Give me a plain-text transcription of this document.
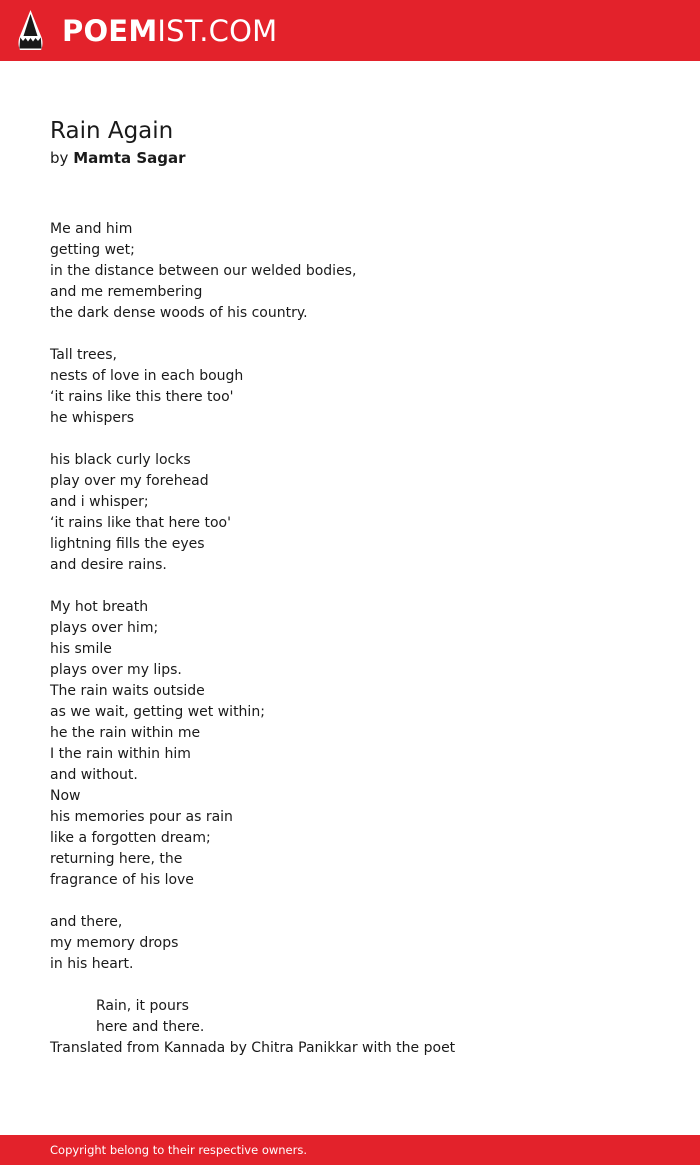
POEMIST.COM
Rain Again
by Mamta Sagar
Me and him
getting wet;
in the distance between our welded bodies,
and me remembering
the dark dense woods of his country.
Tall trees,
nests of love in each bough
‘it rains like this there too'
he whispers
his black curly locks
play over my forehead
and i whisper;
‘it rains like that here too'
lightning fills the eyes
and desire rains.
My hot breath
plays over him;
his smile
plays over my lips.
The rain waits outside
as we wait, getting wet within;
he the rain within me
I the rain within him
and without.
Now
his memories pour as rain
like a forgotten dream;
returning here, the
fragrance of his love
and there,
my memory drops
in his heart.
Rain, it pours
here and there.
Translated from Kannada by Chitra Panikkar with the poet
Copyright belong to their respective owners.
